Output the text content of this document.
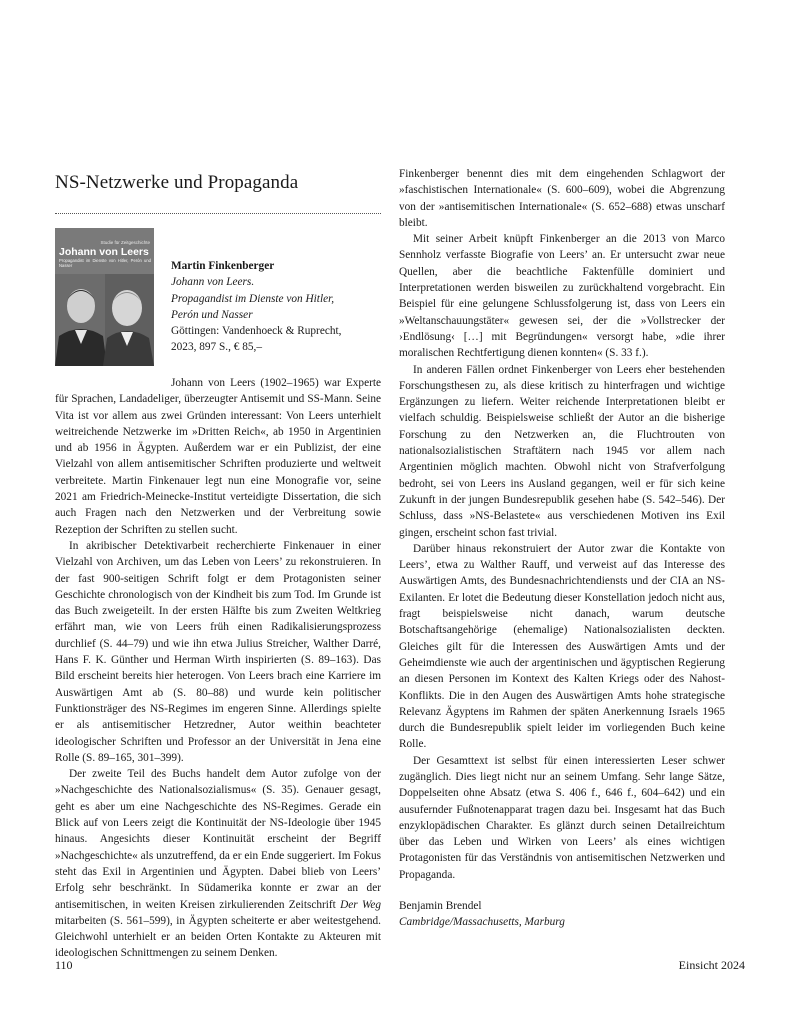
NS-Netzwerke und Propaganda
Studie für Zeitgeschichte
Johann von Leers
Propagandist im Dienste von Hitler, Perón und Nasser	Martin Finkenberger
Johann von Leers.
Propagandist im Dienste von Hitler,
Perón und Nasser
Göttingen: Vandenhoeck & Ruprecht,
2023, 897 S., € 85,–

Johann von Leers (1902–1965) war Experte für Sprachen, Landadeliger, überzeugter Antisemit und SS-Mann. Seine Vita ist vor allem aus zwei Gründen interessant: Von Leers unterhielt weitreichende Netzwerke im »Dritten Reich«, ab 1950 in Argentinien und ab 1956 in Ägypten. Außerdem war er ein Publizist, der eine Vielzahl von allem antisemitischer Schriften produzierte und weltweit verbreitete. Martin Finkenauer legt nun eine Monografie vor, seine 2021 am Friedrich-Meinecke-Institut verteidigte Dissertation, die sich auch Fragen nach den Netzwerken und der Verbreitung sowie Rezeption der Schriften zu stellen sucht.

In akribischer Detektivarbeit recherchierte Finkenauer in einer Vielzahl von Archiven, um das Leben von Leers’ zu rekonstruieren. In der fast 900-seitigen Schrift folgt er dem Protagonisten seiner Geschichte chronologisch von der Kindheit bis zum Tod. Im Grunde ist das Buch zweigeteilt. In der ersten Hälfte bis zum Zweiten Weltkrieg erfährt man, wie von Leers früh einen Radikalisierungsprozess durchlief (S. 44–79) und wie ihn etwa Julius Streicher, Walther Darré, Hans F. K. Günther und Herman Wirth inspirierten (S. 89–163). Das Bild erscheint bereits hier heterogen. Von Leers brach eine Karriere im Auswärtigen Amt ab (S. 80–88) und wurde kein politischer Funktionsträger des NS-Regimes im engeren Sinne. Allerdings spielte er als antisemitischer Hetzredner, Autor weithin beachteter ideologischer Schriften und Professor an der Universität in Jena eine Rolle (S. 89–165, 301–399).

Der zweite Teil des Buchs handelt dem Autor zufolge von der »Nachgeschichte des Nationalsozialismus« (S. 35). Genauer gesagt, geht es aber um eine Nachgeschichte des NS-Regimes. Gerade ein Blick auf von Leers zeigt die Kontinuität der NS-Ideologie über 1945 hinaus. Angesichts dieser Kontinuität erscheint der Begriff »Nachgeschichte« als unzutreffend, da er ein Ende suggeriert. Im Fokus steht das Exil in Argentinien und Ägypten. Dabei blieb von Leers’ Erfolg sehr beschränkt. In Südamerika konnte er zwar an der antisemitischen, in weiten Kreisen zirkulierenden Zeitschrift Der Weg mitarbeiten (S. 561–599), in Ägypten scheiterte er aber weitestgehend. Gleichwohl unterhielt er an beiden Orten Kontakte zu Akteuren mit ideologischen Schnittmengen zu seinem Denken.

Finkenberger benennt dies mit dem eingehenden Schlagwort der »faschistischen Internationale« (S. 600–609), wobei die Abgrenzung von der »antisemitischen Internationale« (S. 652–688) etwas unscharf bleibt.

Mit seiner Arbeit knüpft Finkenberger an die 2013 von Marco Sennholz verfasste Biografie von Leers’ an. Er untersucht zwar neue Quellen, aber die beachtliche Faktenfülle dominiert und Interpretationen werden bisweilen zu zurückhaltend vorgebracht. Ein Beispiel für eine gelungene Schlussfolgerung ist, dass von Leers ein »Weltanschauungstäter« gewesen sei, der die »Vollstrecker der ›Endlösung‹ […] mit Begründungen« versorgt habe, »die ihrer moralischen Rechtfertigung dienen konnten« (S. 33 f.).

In anderen Fällen ordnet Finkenberger von Leers eher bestehenden Forschungsthesen zu, als diese kritisch zu hinterfragen und wichtige Ergänzungen zu liefern. Weiter reichende Interpretationen bleibt er vielfach schuldig. Beispielsweise schließt der Autor an die bisherige Forschung zu den Netzwerken an, die Fluchtrouten von nationalsozialistischen Straftätern nach 1945 vor allem nach Argentinien möglich machten. Obwohl nicht von Strafverfolgung bedroht, sei von Leers ins Ausland gegangen, weil er für sich keine Zukunft in der jungen Bundesrepublik gesehen habe (S. 542–546). Der Schluss, dass »NS-Belastete« aus verschiedenen Motiven ins Exil gingen, erscheint schon fast trivial.

Darüber hinaus rekonstruiert der Autor zwar die Kontakte von Leers’, etwa zu Walther Rauff, und verweist auf das Interesse des Auswärtigen Amts, des Bundesnachrichtendiensts und der CIA an NS-Exilanten. Er lotet die Bedeutung dieser Konstellation jedoch nicht aus, fragt beispielsweise nicht danach, warum deutsche Botschaftsangehörige (ehemalige) Nationalsozialisten deckten. Gleiches gilt für die Interessen des Auswärtigen Amts und der Geheimdienste wie auch der argentinischen und ägyptischen Regierung an diesen Personen im Kontext des Kalten Kriegs oder des Nahost-Konflikts. Die in den Augen des Auswärtigen Amts hohe strategische Relevanz Ägyptens im Rahmen der späten Anerkennung Israels 1965 durch die Bundesrepublik spielt leider im vorliegenden Buch keine Rolle.

Der Gesamttext ist selbst für einen interessierten Leser schwer zugänglich. Dies liegt nicht nur an seinem Umfang. Sehr lange Sätze, Doppelseiten ohne Absatz (etwa S. 406 f., 646 f., 604–642) und ein ausufernder Fußnotenapparat tragen dazu bei. Insgesamt hat das Buch enzyklopädischen Charakter. Es glänzt durch seinen Detailreichtum über das Leben und Wirken von Leers’ als eines wichtigen Protagonisten für das Verständnis von antisemitischen Netzwerken und Propaganda.

Benjamin Brendel
Cambridge/Massachusetts, Marburg
110	Einsicht 2024
